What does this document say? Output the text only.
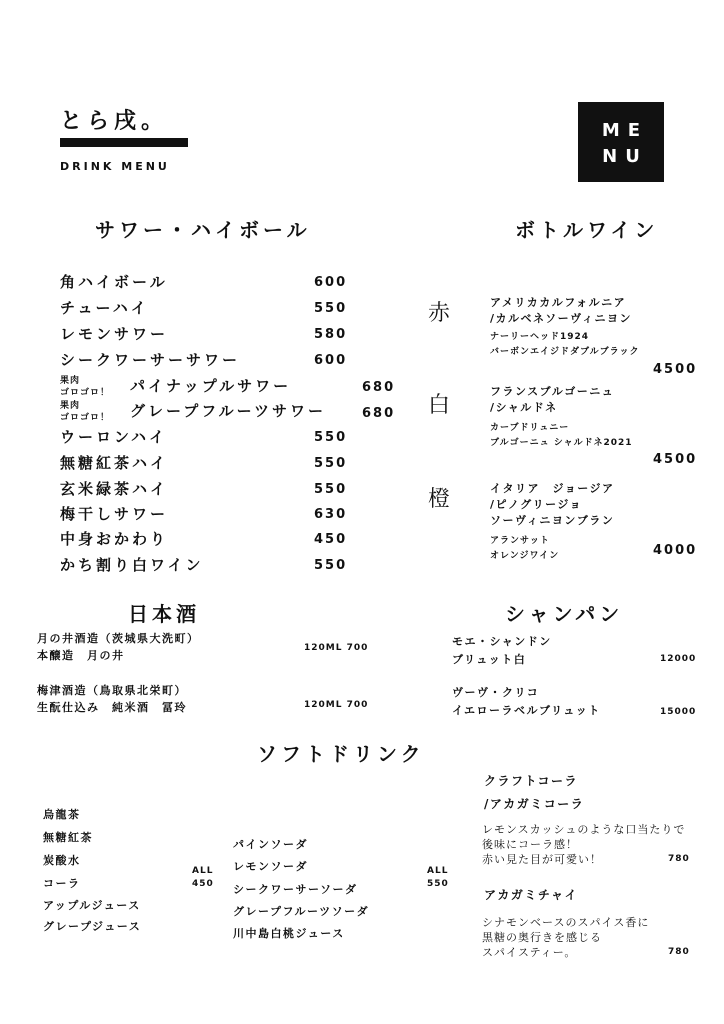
とら戌。
DRINK MENU
ME
NU
サワー・ハイボール
角ハイボール	600
チューハイ	550
レモンサワー	580
シークワーサーサワー	600
果肉
ゴロゴロ！ パイナップルサワー	680
果肉
ゴロゴロ！ グレープフルーツサワー	680
ウーロンハイ	550
無糖紅茶ハイ	550
玄米緑茶ハイ	550
梅干しサワー	630
中身おかわり	450
かち割り白ワイン	550
ボトルワイン
赤	アメリカカルフォルニア
/カルベネソーヴィニヨン
ナーリーヘッド1924
バーボンエイジドダブルブラック
4500
白
フランスブルゴーニュ
/シャルドネ
カーブドリュニー
ブルゴーニュ シャルドネ2021
4500
橙	イタリア　ジョージア
/ピノグリージョ
ソーヴィニヨンブラン
アランサット
オレンジワイン	4000
日本酒
月の井酒造（茨城県大洗町）
本醸造　月の井
120ML 700
梅津酒造（鳥取県北栄町）
生酛仕込み　純米酒　冨玲	120ML 700
シャンパン
モエ・シャンドン
ブリュット白	12000
ヴーヴ・クリコ
イエローラベルブリュット	15000
ソフトドリンク
烏龍茶
無糖紅茶
炭酸水
コーラ
アップルジュース
グレープジュース
ALL
450
パインソーダ
レモンソーダ
シークワーサーソーダ
グレープフルーツソーダ
川中島白桃ジュース
ALL
550
クラフトコーラ
/アカガミコーラ
レモンスカッシュのような口当たりで
後味にコーラ感！
赤い見た目が可愛い！	780
アカガミチャイ
シナモンベースのスパイス香に
黒糖の奥行きを感じる
スパイスティー。	780
